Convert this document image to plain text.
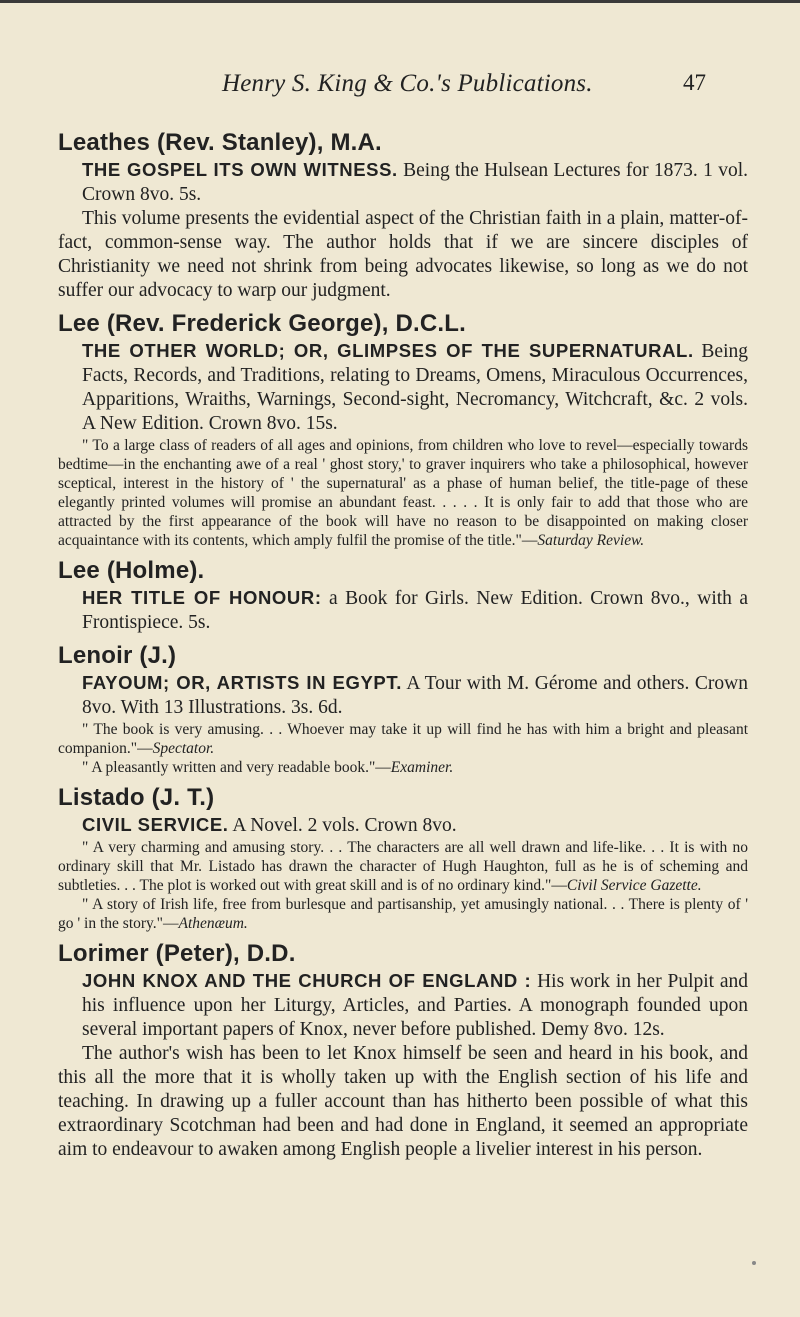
Henry S. King & Co.'s Publications.	47
Leathes (Rev. Stanley), M.A.

THE GOSPEL ITS OWN WITNESS. Being the Hulsean Lectures for 1873. 1 vol. Crown 8vo. 5s.

This volume presents the evidential aspect of the Christian faith in a plain, matter-of-fact, common-sense way. The author holds that if we are sincere disciples of Christianity we need not shrink from being advocates likewise, so long as we do not suffer our advocacy to warp our judgment.

Lee (Rev. Frederick George), D.C.L.

THE OTHER WORLD; OR, GLIMPSES OF THE SUPERNATURAL. Being Facts, Records, and Traditions, relating to Dreams, Omens, Miraculous Occurrences, Apparitions, Wraiths, Warnings, Second-sight, Necromancy, Witchcraft, &c. 2 vols. A New Edition. Crown 8vo. 15s.

" To a large class of readers of all ages and opinions, from children who love to revel—especially towards bedtime—in the enchanting awe of a real ' ghost story,' to graver inquirers who take a philosophical, however sceptical, interest in the history of ' the supernatural' as a phase of human belief, the title-page of these elegantly printed volumes will promise an abundant feast. . . . . It is only fair to add that those who are attracted by the first appearance of the book will have no reason to be disappointed on making closer acquaintance with its contents, which amply fulfil the promise of the title."—Saturday Review.

Lee (Holme).

HER TITLE OF HONOUR: a Book for Girls. New Edition. Crown 8vo., with a Frontispiece. 5s.

Lenoir (J.)

FAYOUM; OR, ARTISTS IN EGYPT. A Tour with M. Gérome and others. Crown 8vo. With 13 Illustrations. 3s. 6d.

" The book is very amusing. . . Whoever may take it up will find he has with him a bright and pleasant companion."—Spectator.

" A pleasantly written and very readable book."—Examiner.

Listado (J. T.)

CIVIL SERVICE. A Novel. 2 vols. Crown 8vo.

" A very charming and amusing story. . . The characters are all well drawn and life-like. . . It is with no ordinary skill that Mr. Listado has drawn the character of Hugh Haughton, full as he is of scheming and subtleties. . . The plot is worked out with great skill and is of no ordinary kind."—Civil Service Gazette.

" A story of Irish life, free from burlesque and partisanship, yet amusingly national. . . There is plenty of ' go ' in the story."—Athenæum.

Lorimer (Peter), D.D.

JOHN KNOX AND THE CHURCH OF ENGLAND : His work in her Pulpit and his influence upon her Liturgy, Articles, and Parties. A monograph founded upon several important papers of Knox, never before published. Demy 8vo. 12s.

The author's wish has been to let Knox himself be seen and heard in his book, and this all the more that it is wholly taken up with the English section of his life and teaching. In drawing up a fuller account than has hitherto been possible of what this extraordinary Scotchman had been and had done in England, it seemed an appropriate aim to endeavour to awaken among English people a livelier interest in his person.
